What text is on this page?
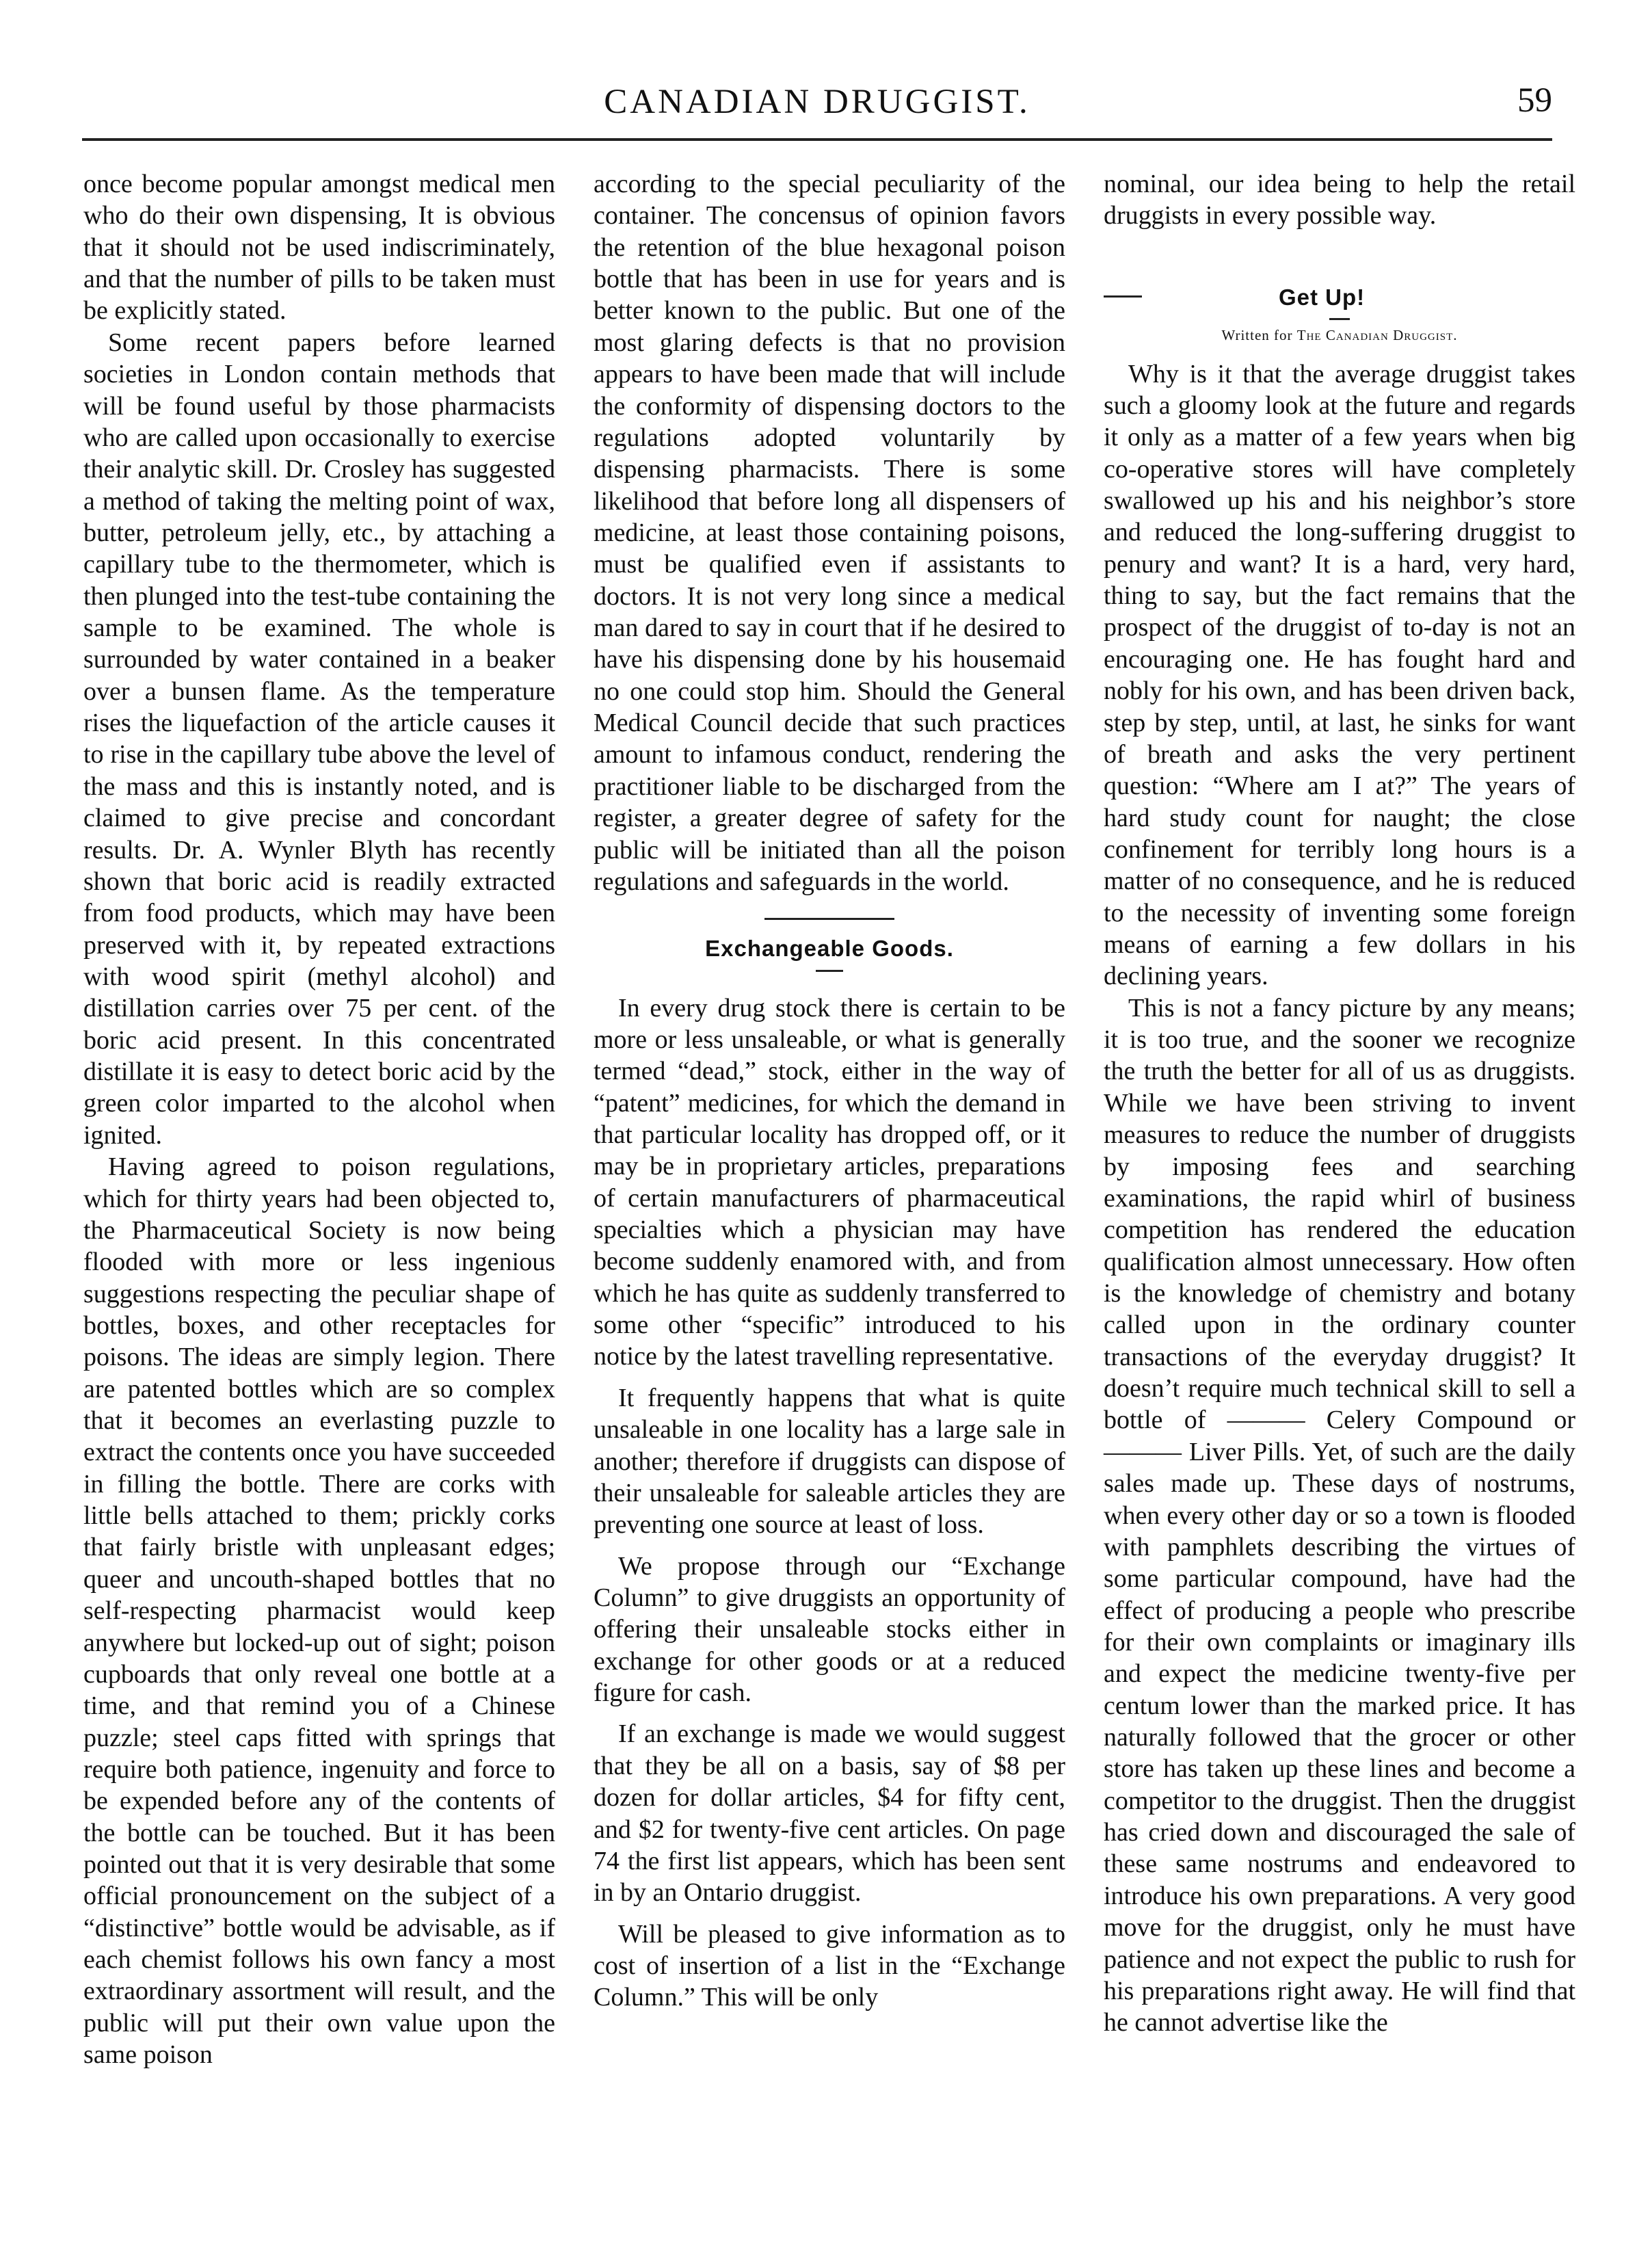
CANADIAN DRUGGIST.	59

once become popular amongst medical men who do their own dispensing, It is obvious that it should not be used indiscriminately, and that the number of pills to be taken must be explicitly stated.

Some recent papers before learned societies in London contain methods that will be found useful by those pharmacists who are called upon occasionally to exercise their analytic skill. Dr. Crosley has suggested a method of taking the melting point of wax, butter, petroleum jelly, etc., by attaching a capillary tube to the thermometer, which is then plunged into the test-tube containing the sample to be examined. The whole is surrounded by water contained in a beaker over a bunsen flame. As the temperature rises the liquefaction of the article causes it to rise in the capillary tube above the level of the mass and this is instantly noted, and is claimed to give precise and concordant results. Dr. A. Wynler Blyth has recently shown that boric acid is readily extracted from food products, which may have been preserved with it, by repeated extractions with wood spirit (methyl alcohol) and distillation carries over 75 per cent. of the boric acid present. In this concentrated distillate it is easy to detect boric acid by the green color imparted to the alcohol when ignited.

Having agreed to poison regulations, which for thirty years had been objected to, the Pharmaceutical Society is now being flooded with more or less ingenious suggestions respecting the peculiar shape of bottles, boxes, and other receptacles for poisons. The ideas are simply legion. There are patented bottles which are so complex that it becomes an everlasting puzzle to extract the contents once you have succeeded in filling the bottle. There are corks with little bells attached to them; prickly corks that fairly bristle with unpleasant edges; queer and uncouth-shaped bottles that no self-respecting pharmacist would keep anywhere but locked-up out of sight; poison cupboards that only reveal one bottle at a time, and that remind you of a Chinese puzzle; steel caps fitted with springs that require both patience, ingenuity and force to be expended before any of the contents of the bottle can be touched. But it has been pointed out that it is very desirable that some official pronouncement on the subject of a “distinctive” bottle would be advisable, as if each chemist follows his own fancy a most extraordinary assortment will result, and the public will put their own value upon the same poison

according to the special peculiarity of the container. The concensus of opinion favors the retention of the blue hexagonal poison bottle that has been in use for years and is better known to the public. But one of the most glaring defects is that no provision appears to have been made that will include the conformity of dispensing doctors to the regulations adopted voluntarily by dispensing pharmacists. There is some likelihood that before long all dispensers of medicine, at least those containing poisons, must be qualified even if assistants to doctors. It is not very long since a medical man dared to say in court that if he desired to have his dispensing done by his housemaid no one could stop him. Should the General Medical Council decide that such practices amount to infamous conduct, rendering the practitioner liable to be discharged from the register, a greater degree of safety for the public will be initiated than all the poison regulations and safeguards in the world.

Exchangeable Goods.

In every drug stock there is certain to be more or less unsaleable, or what is generally termed “dead,” stock, either in the way of “patent” medicines, for which the demand in that particular locality has dropped off, or it may be in proprietary articles, preparations of certain manufacturers of pharmaceutical specialties which a physician may have become suddenly enamored with, and from which he has quite as suddenly transferred to some other “specific” introduced to his notice by the latest travelling representative.

It frequently happens that what is quite unsaleable in one locality has a large sale in another; therefore if druggists can dispose of their unsaleable for saleable articles they are preventing one source at least of loss.

We propose through our “Exchange Column” to give druggists an opportunity of offering their unsaleable stocks either in exchange for other goods or at a reduced figure for cash.

If an exchange is made we would suggest that they be all on a basis, say of $8 per dozen for dollar articles, $4 for fifty cent, and $2 for twenty-five cent articles. On page 74 the first list appears, which has been sent in by an Ontario druggist.

Will be pleased to give information as to cost of insertion of a list in the “Exchange Column.” This will be only

nominal, our idea being to help the retail druggists in every possible way.

Get Up!
Written for The Canadian Druggist.

Why is it that the average druggist takes such a gloomy look at the future and regards it only as a matter of a few years when big co-operative stores will have completely swallowed up his and his neighbor’s store and reduced the long-suffering druggist to penury and want? It is a hard, very hard, thing to say, but the fact remains that the prospect of the druggist of to-day is not an encouraging one. He has fought hard and nobly for his own, and has been driven back, step by step, until, at last, he sinks for want of breath and asks the very pertinent question: “Where am I at?” The years of hard study count for naught; the close confinement for terribly long hours is a matter of no consequence, and he is reduced to the necessity of inventing some foreign means of earning a few dollars in his declining years.

This is not a fancy picture by any means; it is too true, and the sooner we recognize the truth the better for all of us as druggists. While we have been striving to invent measures to reduce the number of druggists by imposing fees and searching examinations, the rapid whirl of business competition has rendered the education qualification almost unnecessary. How often is the knowledge of chemistry and botany called upon in the ordinary counter transactions of the everyday druggist? It doesn’t require much technical skill to sell a bottle of ——— Celery Compound or ——— Liver Pills. Yet, of such are the daily sales made up. These days of nostrums, when every other day or so a town is flooded with pamphlets describing the virtues of some particular compound, have had the effect of producing a people who prescribe for their own complaints or imaginary ills and expect the medicine twenty-five per centum lower than the marked price. It has naturally followed that the grocer or other store has taken up these lines and become a competitor to the druggist. Then the druggist has cried down and discouraged the sale of these same nostrums and endeavored to introduce his own preparations. A very good move for the druggist, only he must have patience and not expect the public to rush for his preparations right away. He will find that he cannot advertise like the
